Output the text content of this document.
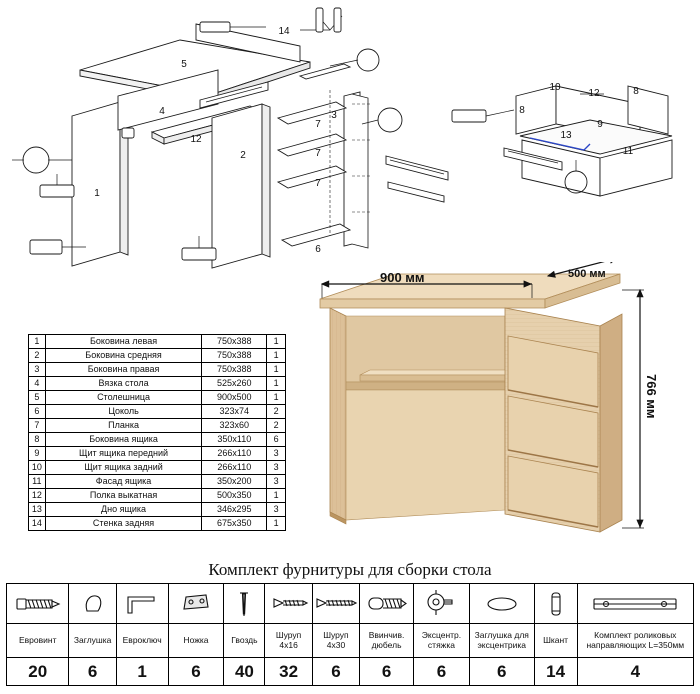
1
2
3
4
5
6
7
7
7
12
14
8
10	8
9
12
13
11
1	Боковина левая	750x388	1
2	Боковина средняя	750x388	1
3	Боковина правая	750x388	1
4	Вязка стола	525x260	1
5	Столешница	900x500	1
6	Цоколь	323x74	2
7	Планка	323x60	2
8	Боковина ящика	350x110	6
9	Щит ящика передний	266x110	3
10	Щит ящика задний	266x110	3
11	Фасад ящика	350x200	3
12	Полка выкатная	500x350	1
13	Дно ящика	346x295	3
14	Стенка задняя	675x350	1
900 мм	500 мм
766 мм
Комплект фурнитуры для сборки стола

Евровинт	Заглушка	Евроключ	Ножка	Гвоздь	Шуруп 4х16	Шуруп 4х30	Ввинчив. дюбель	Эксцентр. стяжка	Заглушка для эксцентрика	Шкант	Комплект роликовых направляющих L=350мм
20	6	1	6	40	32	6	6	6	6	14	4
